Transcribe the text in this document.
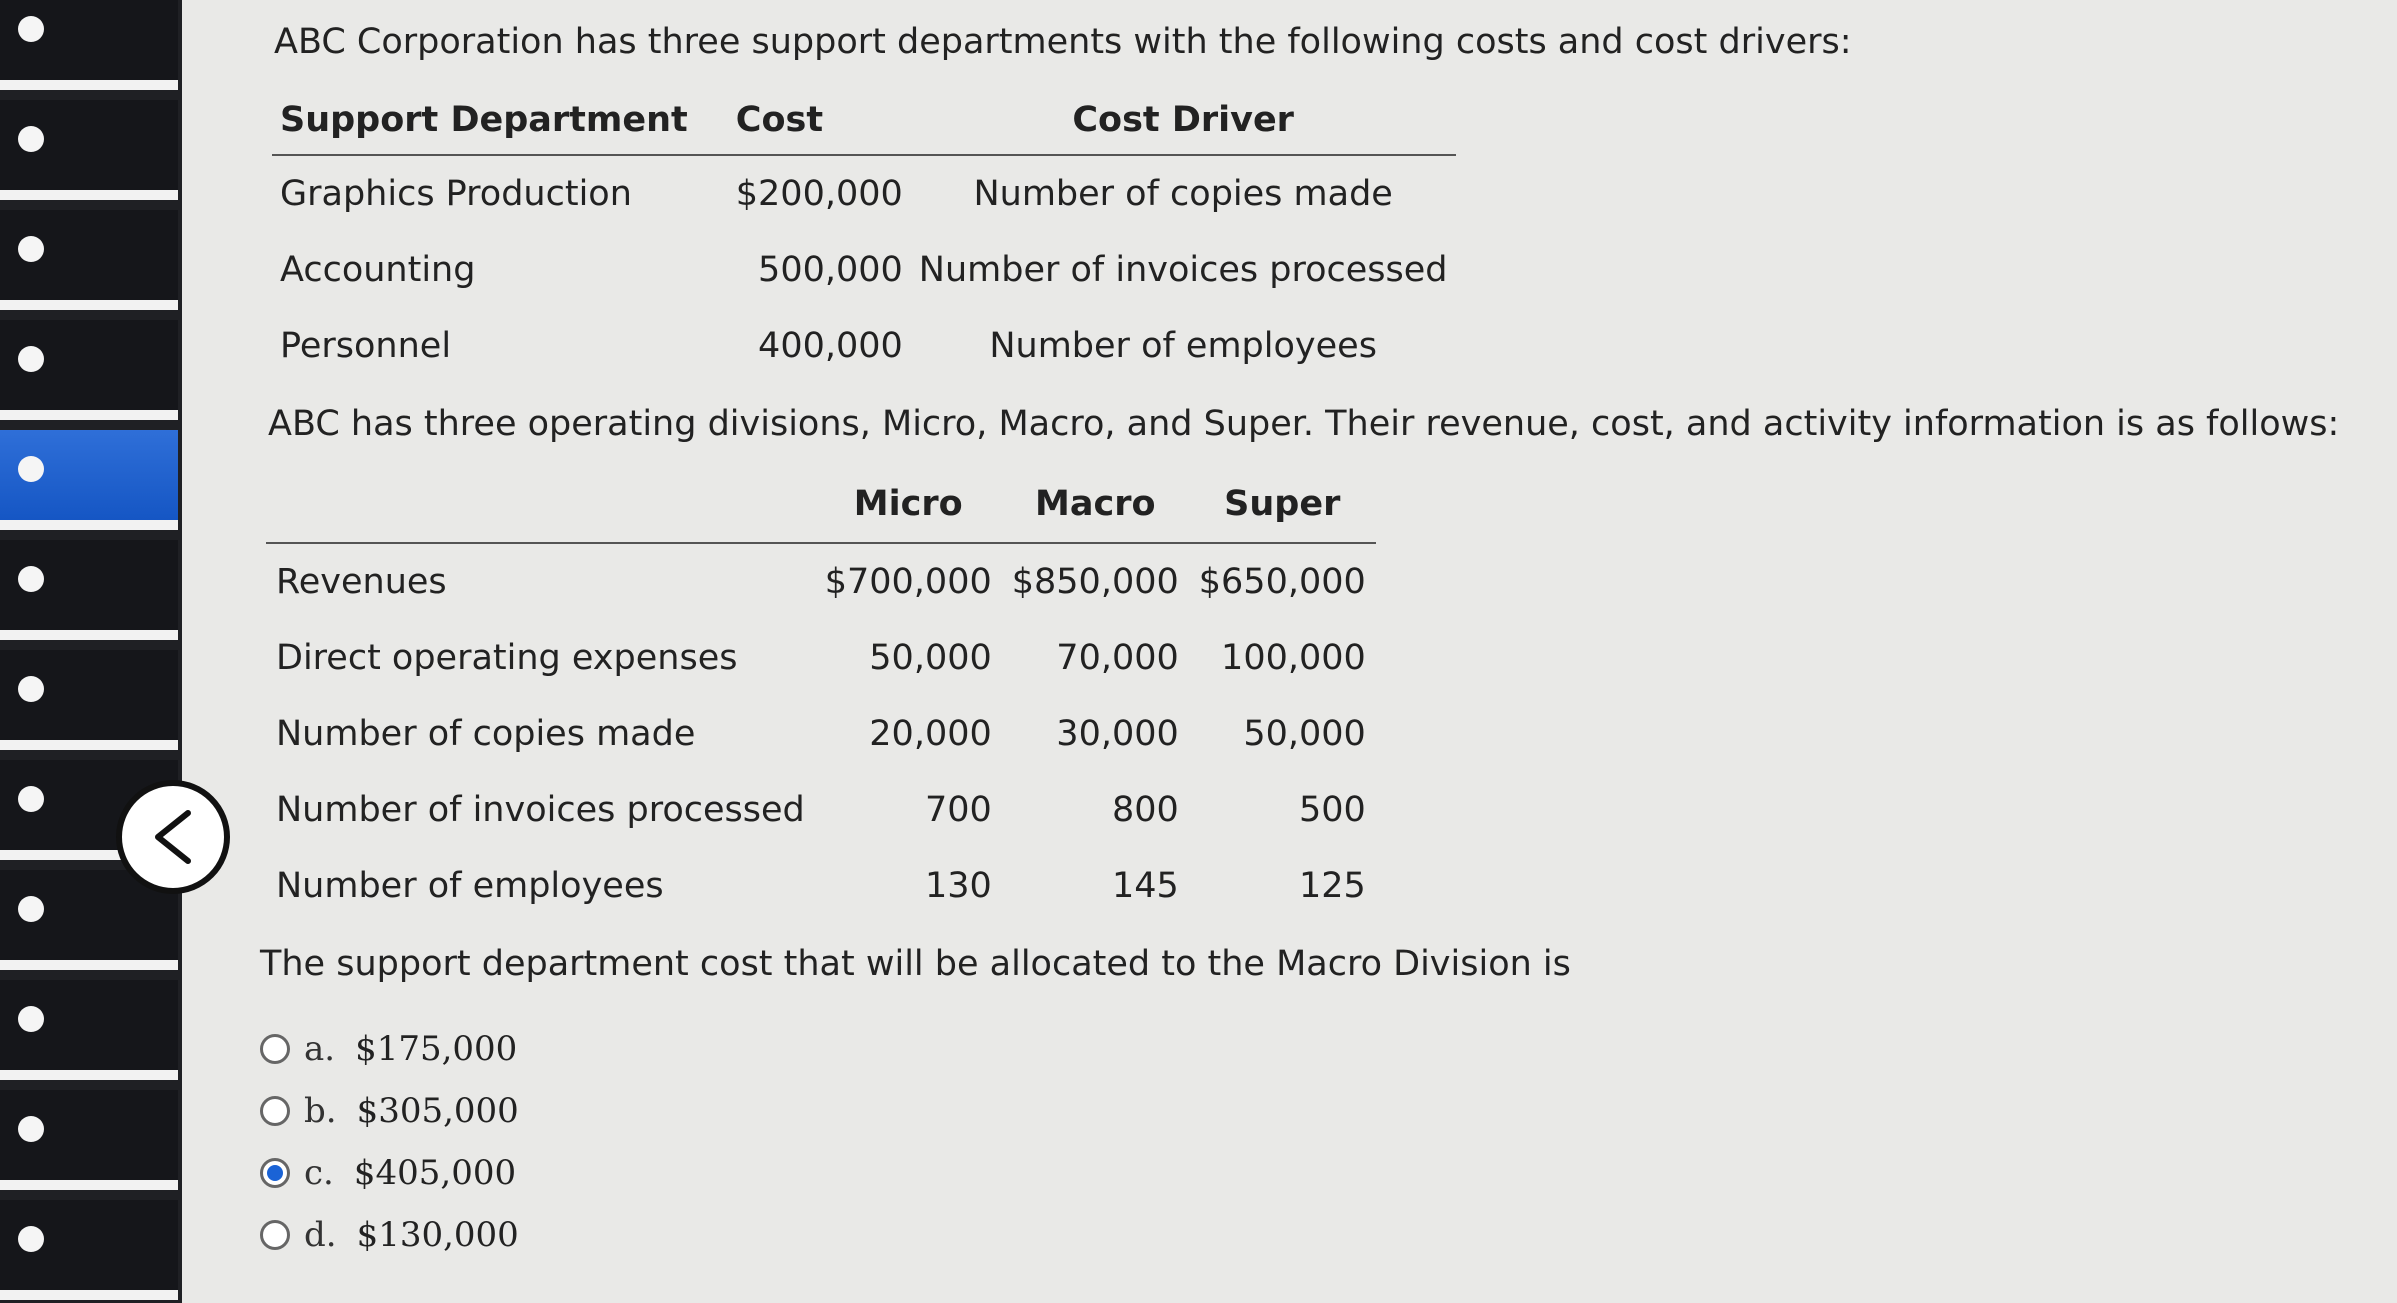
ABC Corporation has three support departments with the following costs and cost drivers:
Support Department	Cost	Cost Driver
Graphics Production	$200,000	Number of copies made
Accounting	500,000	Number of invoices processed
Personnel	400,000	Number of employees
ABC has three operating divisions, Micro, Macro, and Super. Their revenue, cost, and activity information is as follows:
	Micro	Macro	Super
Revenues	$700,000	$850,000	$650,000
Direct operating expenses	50,000	70,000	100,000
Number of copies made	20,000	30,000	50,000
Number of invoices processed	700	800	500
Number of employees	130	145	125
The support department cost that will be allocated to the Macro Division is
a. $175,000
b. $305,000
c. $405,000
d. $130,000
